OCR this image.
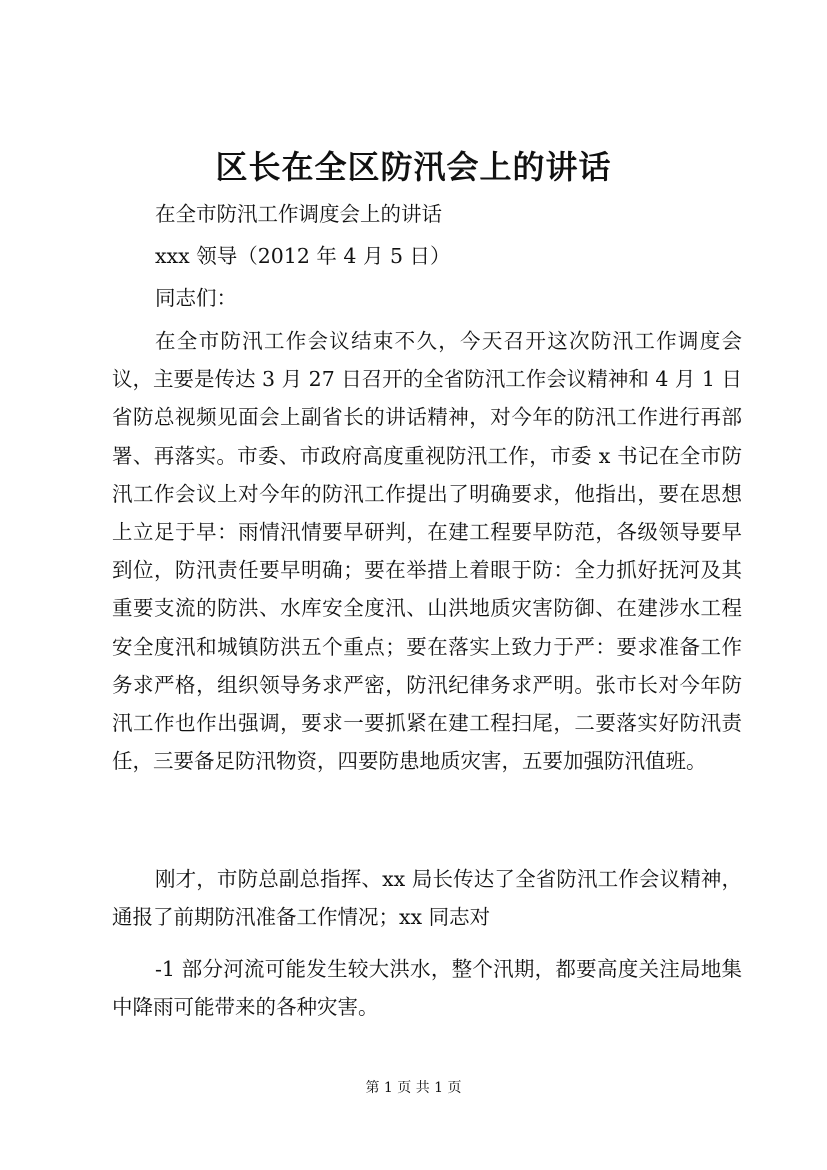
区长在全区防汛会上的讲话
在全市防汛工作调度会上的讲话
xxx 领导（2012 年 4 月 5 日）
同志们：

在全市防汛工作会议结束不久，今天召开这次防汛工作调度会议，主要是传达 3 月 27 日召开的全省防汛工作会议精神和 4 月 1 日省防总视频见面会上副省长的讲话精神，对今年的防汛工作进行再部署、再落实。市委、市政府高度重视防汛工作，市委 x 书记在全市防汛工作会议上对今年的防汛工作提出了明确要求，他指出，要在思想上立足于早：雨情汛情要早研判，在建工程要早防范，各级领导要早到位，防汛责任要早明确；要在举措上着眼于防：全力抓好抚河及其重要支流的防洪、水库安全度汛、山洪地质灾害防御、在建涉水工程安全度汛和城镇防洪五个重点；要在落实上致力于严：要求准备工作务求严格，组织领导务求严密，防汛纪律务求严明。张市长对今年防汛工作也作出强调，要求一要抓紧在建工程扫尾，二要落实好防汛责任，三要备足防汛物资，四要防患地质灾害，五要加强防汛值班。

刚才，市防总副总指挥、xx 局长传达了全省防汛工作会议精神，通报了前期防汛准备工作情况；xx 同志对

-1 部分河流可能发生较大洪水，整个汛期，都要高度关注局地集中降雨可能带来的各种灾害。

第 1 页 共 1 页
